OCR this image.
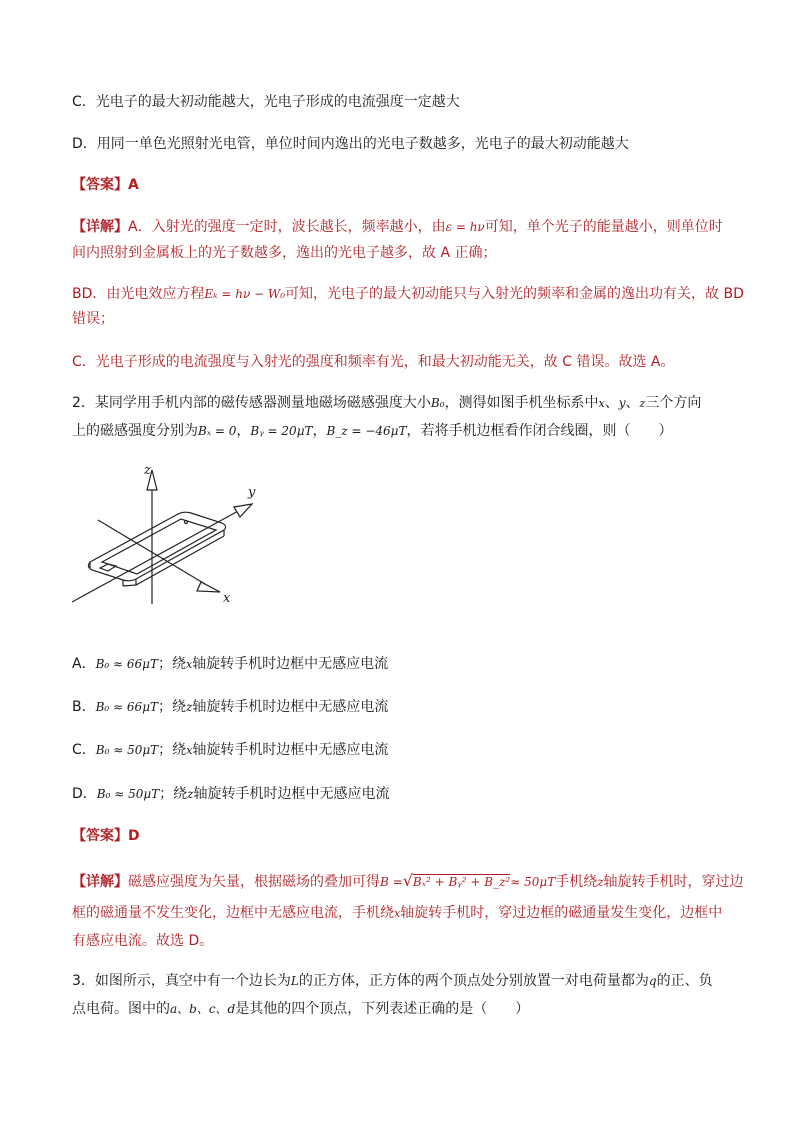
C．光电子的最大初动能越大，光电子形成的电流强度一定越大
D．用同一单色光照射光电管，单位时间内逸出的光电子数越多，光电子的最大初动能越大
【答案】A
【详解】A．入射光的强度一定时，波长越长，频率越小，由ε = hν可知，单个光子的能量越小，则单位时
间内照射到金属板上的光子数越多，逸出的光电子越多，故 A 正确；
BD．由光电效应方程Eₖ = hν − W₀可知，光电子的最大初动能只与入射光的频率和金属的逸出功有关，故 BD
错误；
C．光电子形成的电流强度与入射光的强度和频率有光，和最大初动能无关，故 C 错误。故选 A。
2．某同学用手机内部的磁传感器测量地磁场磁感强度大小B₀，测得如图手机坐标系中x、y、z三个方向
上的磁感强度分别为Bₓ = 0，Bᵧ = 20μT，B_z = −46μT，若将手机边框看作闭合线圈，则（　　）
z
y
x
A．B₀ ≈ 66μT；绕x轴旋转手机时边框中无感应电流
B．B₀ ≈ 66μT；绕z轴旋转手机时边框中无感应电流
C．B₀ ≈ 50μT；绕x轴旋转手机时边框中无感应电流
D．B₀ ≈ 50μT；绕z轴旋转手机时边框中无感应电流
【答案】D
【详解】磁感应强度为矢量，根据磁场的叠加可得B =√Bₓ² + Bᵧ² + B_z²≈ 50μT手机绕z轴旋转手机时，穿过边
框的磁通量不发生变化，边框中无感应电流，手机绕x轴旋转手机时，穿过边框的磁通量发生变化，边框中
有感应电流。故选 D。
3．如图所示，真空中有一个边长为L的正方体，正方体的两个顶点处分别放置一对电荷量都为q的正、负
点电荷。图中的a、b、c、d是其他的四个顶点，下列表述正确的是（　　）
